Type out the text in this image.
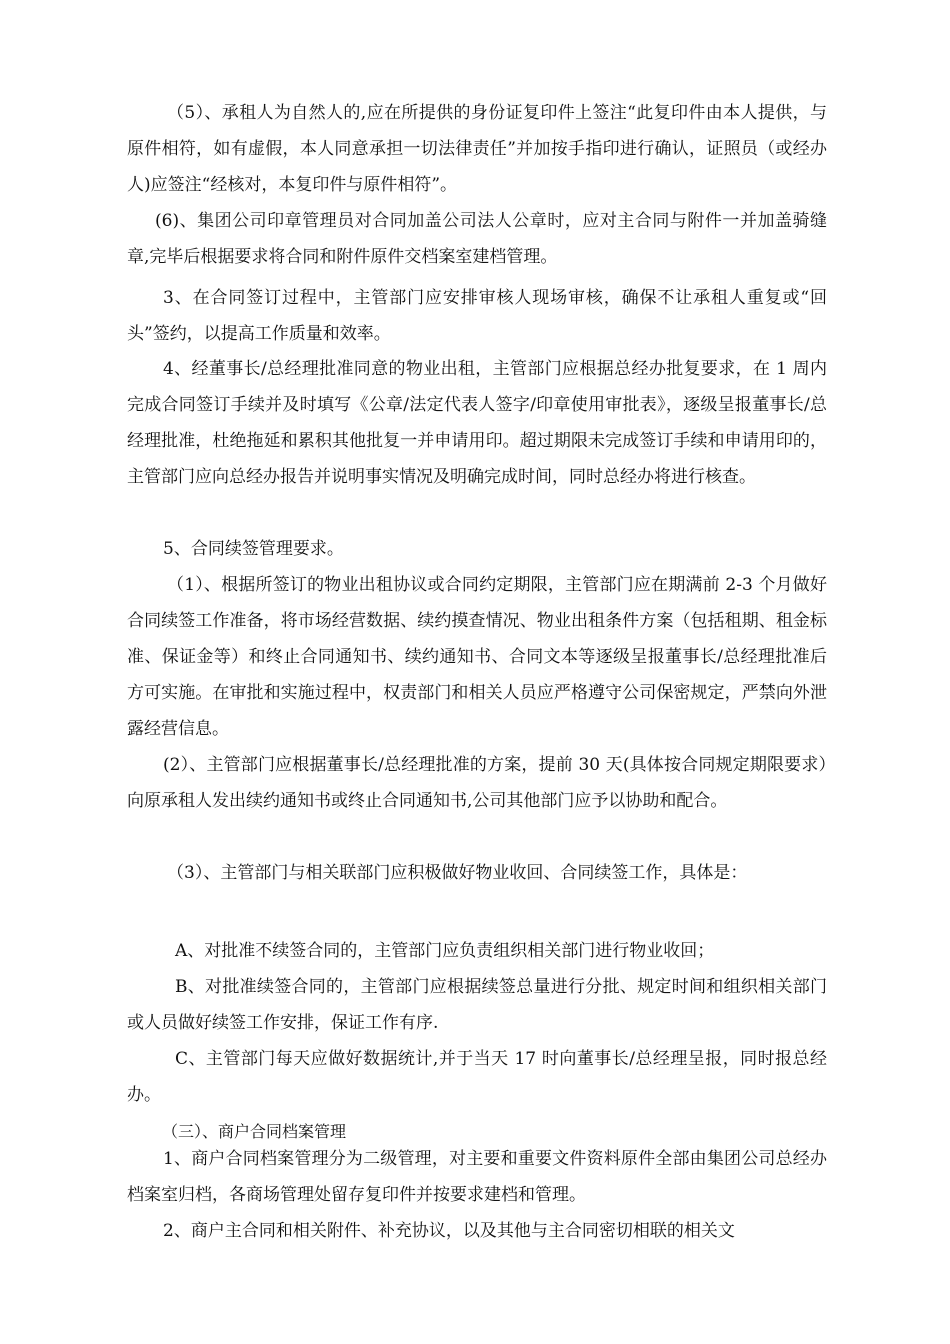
（5）、承租人为自然人的,应在所提供的身份证复印件上签注“此复印件由本人提供，与原件相符，如有虚假，本人同意承担一切法律责任”并加按手指印进行确认，证照员（或经办人)应签注“经核对，本复印件与原件相符”。

(6)、集团公司印章管理员对合同加盖公司法人公章时，应对主合同与附件一并加盖骑缝章,完毕后根据要求将合同和附件原件交档案室建档管理。

3、在合同签订过程中，主管部门应安排审核人现场审核，确保不让承租人重复或“回头”签约，以提高工作质量和效率。

4、经董事长/总经理批准同意的物业出租，主管部门应根据总经办批复要求，在 1 周内完成合同签订手续并及时填写《公章/法定代表人签字/印章使用审批表》，逐级呈报董事长/总经理批准，杜绝拖延和累积其他批复一并申请用印。超过期限未完成签订手续和申请用印的，主管部门应向总经办报告并说明事实情况及明确完成时间，同时总经办将进行核查。

5、合同续签管理要求。

（1）、根据所签订的物业出租协议或合同约定期限，主管部门应在期满前 2-3 个月做好合同续签工作准备，将市场经营数据、续约摸查情况、物业出租条件方案（包括租期、租金标准、保证金等）和终止合同通知书、续约通知书、合同文本等逐级呈报董事长/总经理批准后方可实施。在审批和实施过程中，权责部门和相关人员应严格遵守公司保密规定，严禁向外泄露经营信息。

(2）、主管部门应根据董事长/总经理批准的方案，提前 30 天(具体按合同规定期限要求）向原承租人发出续约通知书或终止合同通知书,公司其他部门应予以协助和配合。

（3）、主管部门与相关联部门应积极做好物业收回、合同续签工作，具体是：

A、对批准不续签合同的，主管部门应负责组织相关部门进行物业收回；

B、对批准续签合同的，主管部门应根据续签总量进行分批、规定时间和组织相关部门或人员做好续签工作安排，保证工作有序.

C、主管部门每天应做好数据统计,并于当天 17 时向董事长/总经理呈报，同时报总经办。

（三）、商户合同档案管理

1、商户合同档案管理分为二级管理，对主要和重要文件资料原件全部由集团公司总经办档案室归档，各商场管理处留存复印件并按要求建档和管理。

2、商户主合同和相关附件、补充协议，以及其他与主合同密切相联的相关文
